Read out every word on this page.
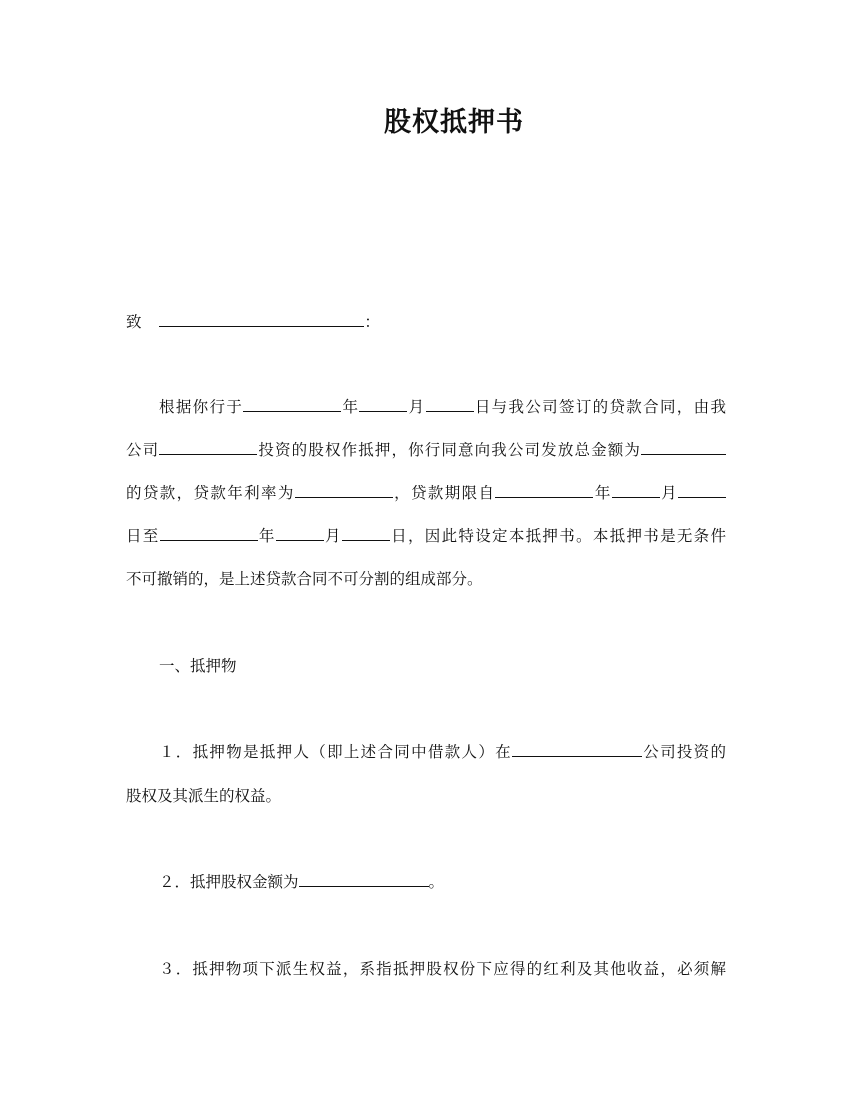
股权抵押书
致	：
根据你行于	年	月	日与我公司签订的贷款合同，由我
公司	投资的股权作抵押，你行同意向我公司发放总金额为
的贷款，贷款年利率为	，贷款期限自	年	月
日至	年	月	日，因此特设定本抵押书。本抵押书是无条件
不可撤销的，是上述贷款合同不可分割的组成部分。
一、抵押物
１．抵押物是抵押人（即上述合同中借款人）在	公司投资的
股权及其派生的权益。
２．抵押股权金额为	。
３．抵押物项下派生权益，系指抵押股权份下应得的红利及其他收益，必须解
